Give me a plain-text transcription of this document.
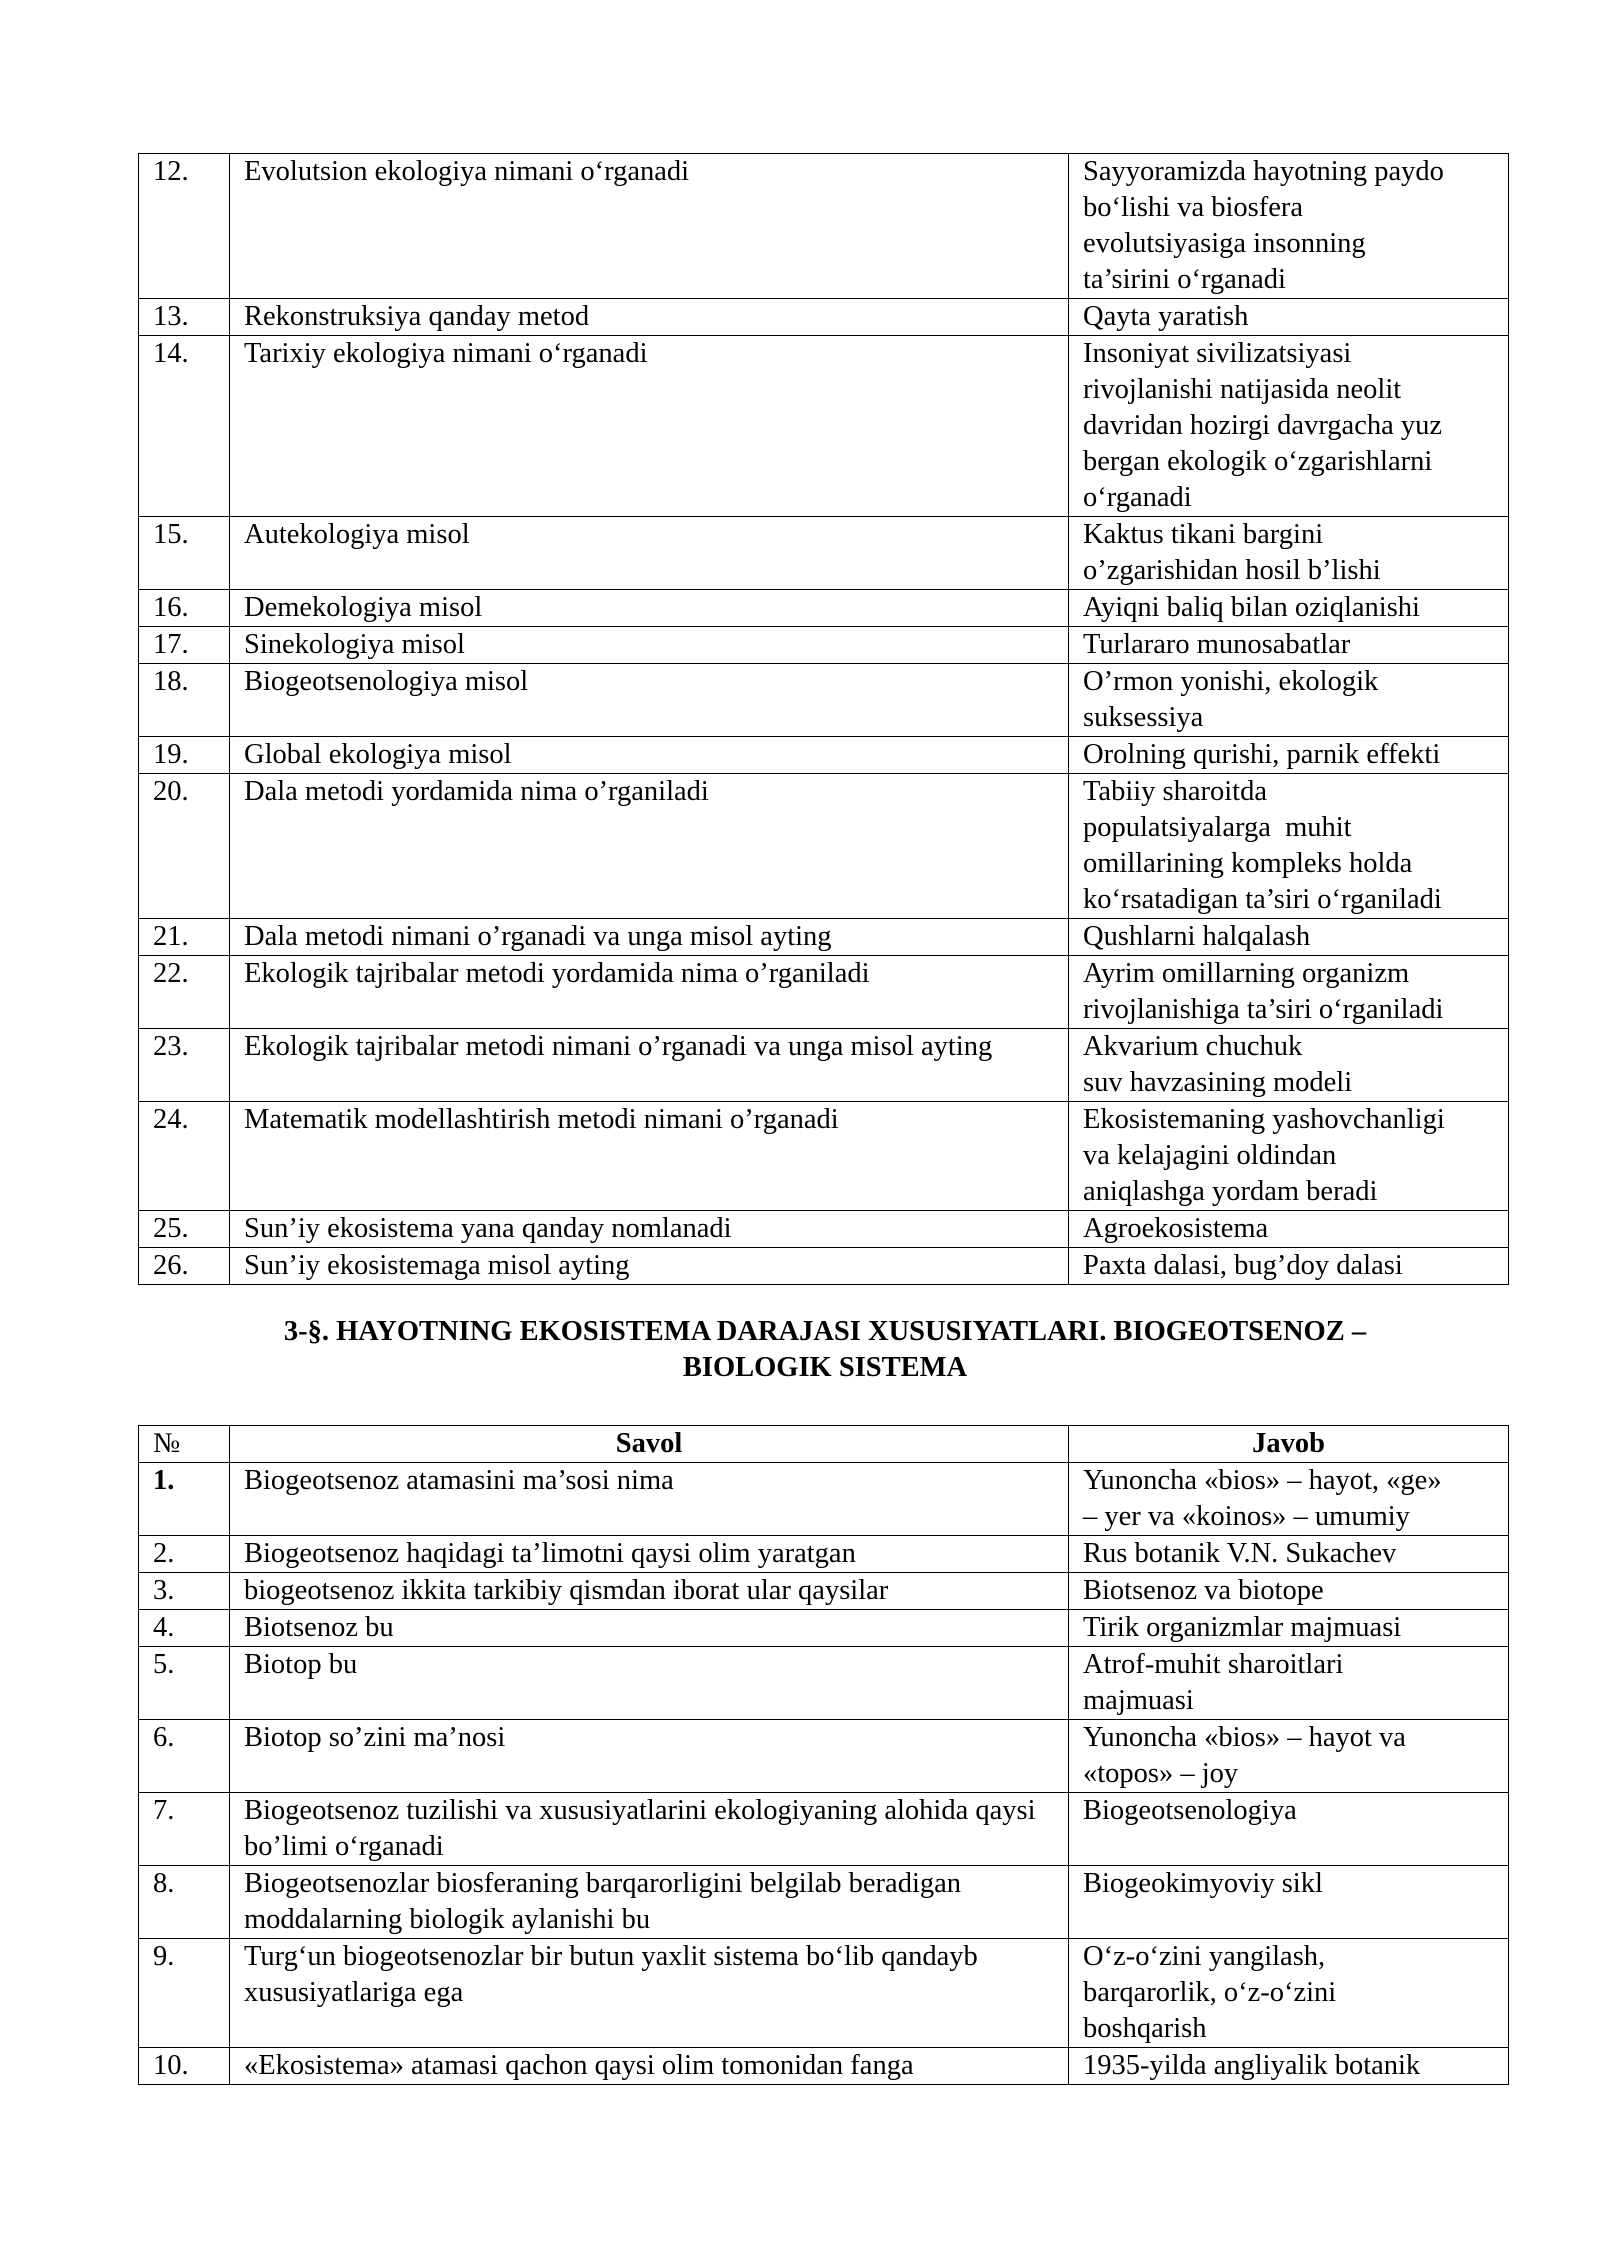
12.	Evolutsion ekologiya nimani o‘rganadi	Sayyoramizda hayotning paydo
bo‘lishi va biosfera
evolutsiyasiga insonning
ta’sirini o‘rganadi

13.	Rekonstruksiya qanday metod	Qayta yaratish

14.	Tarixiy ekologiya nimani o‘rganadi	Insoniyat sivilizatsiyasi
rivojlanishi natijasida neolit
davridan hozirgi davrgacha yuz
bergan ekologik o‘zgarishlarni
o‘rganadi

15.	Autekologiya misol	Kaktus tikani bargini
o’zgarishidan hosil b’lishi

16.	Demekologiya misol	Ayiqni baliq bilan oziqlanishi

17.	Sinekologiya misol	Turlararo munosabatlar

18.	Biogeotsenologiya misol	O’rmon yonishi, ekologik
suksessiya

19.	Global ekologiya misol	Orolning qurishi, parnik effekti

20.	Dala metodi yordamida nima o’rganiladi	Tabiiy sharoitda
populatsiyalarga  muhit
omillarining kompleks holda
ko‘rsatadigan ta’siri o‘rganiladi

21.	Dala metodi nimani o’rganadi va unga misol ayting	Qushlarni halqalash

22.	Ekologik tajribalar metodi yordamida nima o’rganiladi	Ayrim omillarning organizm
rivojlanishiga ta’siri o‘rganiladi

23.	Ekologik tajribalar metodi nimani o’rganadi va unga misol ayting	Akvarium chuchuk
suv havzasining modeli

24.	Matematik modellashtirish metodi nimani o’rganadi	Ekosistemaning yashovchanligi
va kelajagini oldindan
aniqlashga yordam beradi

25.	Sun’iy ekosistema yana qanday nomlanadi	Agroekosistema

26.	Sun’iy ekosistemaga misol ayting	Paxta dalasi, bug’doy dalasi
3-§. HAYOTNING EKOSISTEMA DARAJASI XUSUSIYATLARI. BIOGEOTSENOZ –
BIOLOGIK SISTEMA
№	Savol	Javob
1.	Biogeotsenoz atamasini ma’sosi nima	Yunoncha «bios» – hayot, «ge»
– yer va «koinos» – umumiy

2.	Biogeotsenoz haqidagi ta’limotni qaysi olim yaratgan	Rus botanik V.N. Sukachev

3.	biogeotsenoz ikkita tarkibiy qismdan iborat ular qaysilar	Biotsenoz va biotope

4.	Biotsenoz bu	Tirik organizmlar majmuasi

5.	Biotop bu	Atrof-muhit sharoitlari
majmuasi

6.	Biotop so’zini ma’nosi	Yunoncha «bios» – hayot va
«topos» – joy

7.	Biogeotsenoz tuzilishi va xususiyatlarini ekologiyaning alohida qaysi bo’limi o‘rganadi	Biogeotsenologiya

8.	Biogeotsenozlar biosferaning barqarorligini belgilab beradigan moddalarning biologik aylanishi bu	Biogeokimyoviy sikl

9.	Turg‘un biogeotsenozlar bir butun yaxlit sistema bo‘lib qandayb xususiyatlariga ega	O‘z-o‘zini yangilash,
barqarorlik, o‘z-o‘zini
boshqarish

10.	«Ekosistema» atamasi qachon qaysi olim tomonidan fanga	1935-yilda angliyalik botanik
